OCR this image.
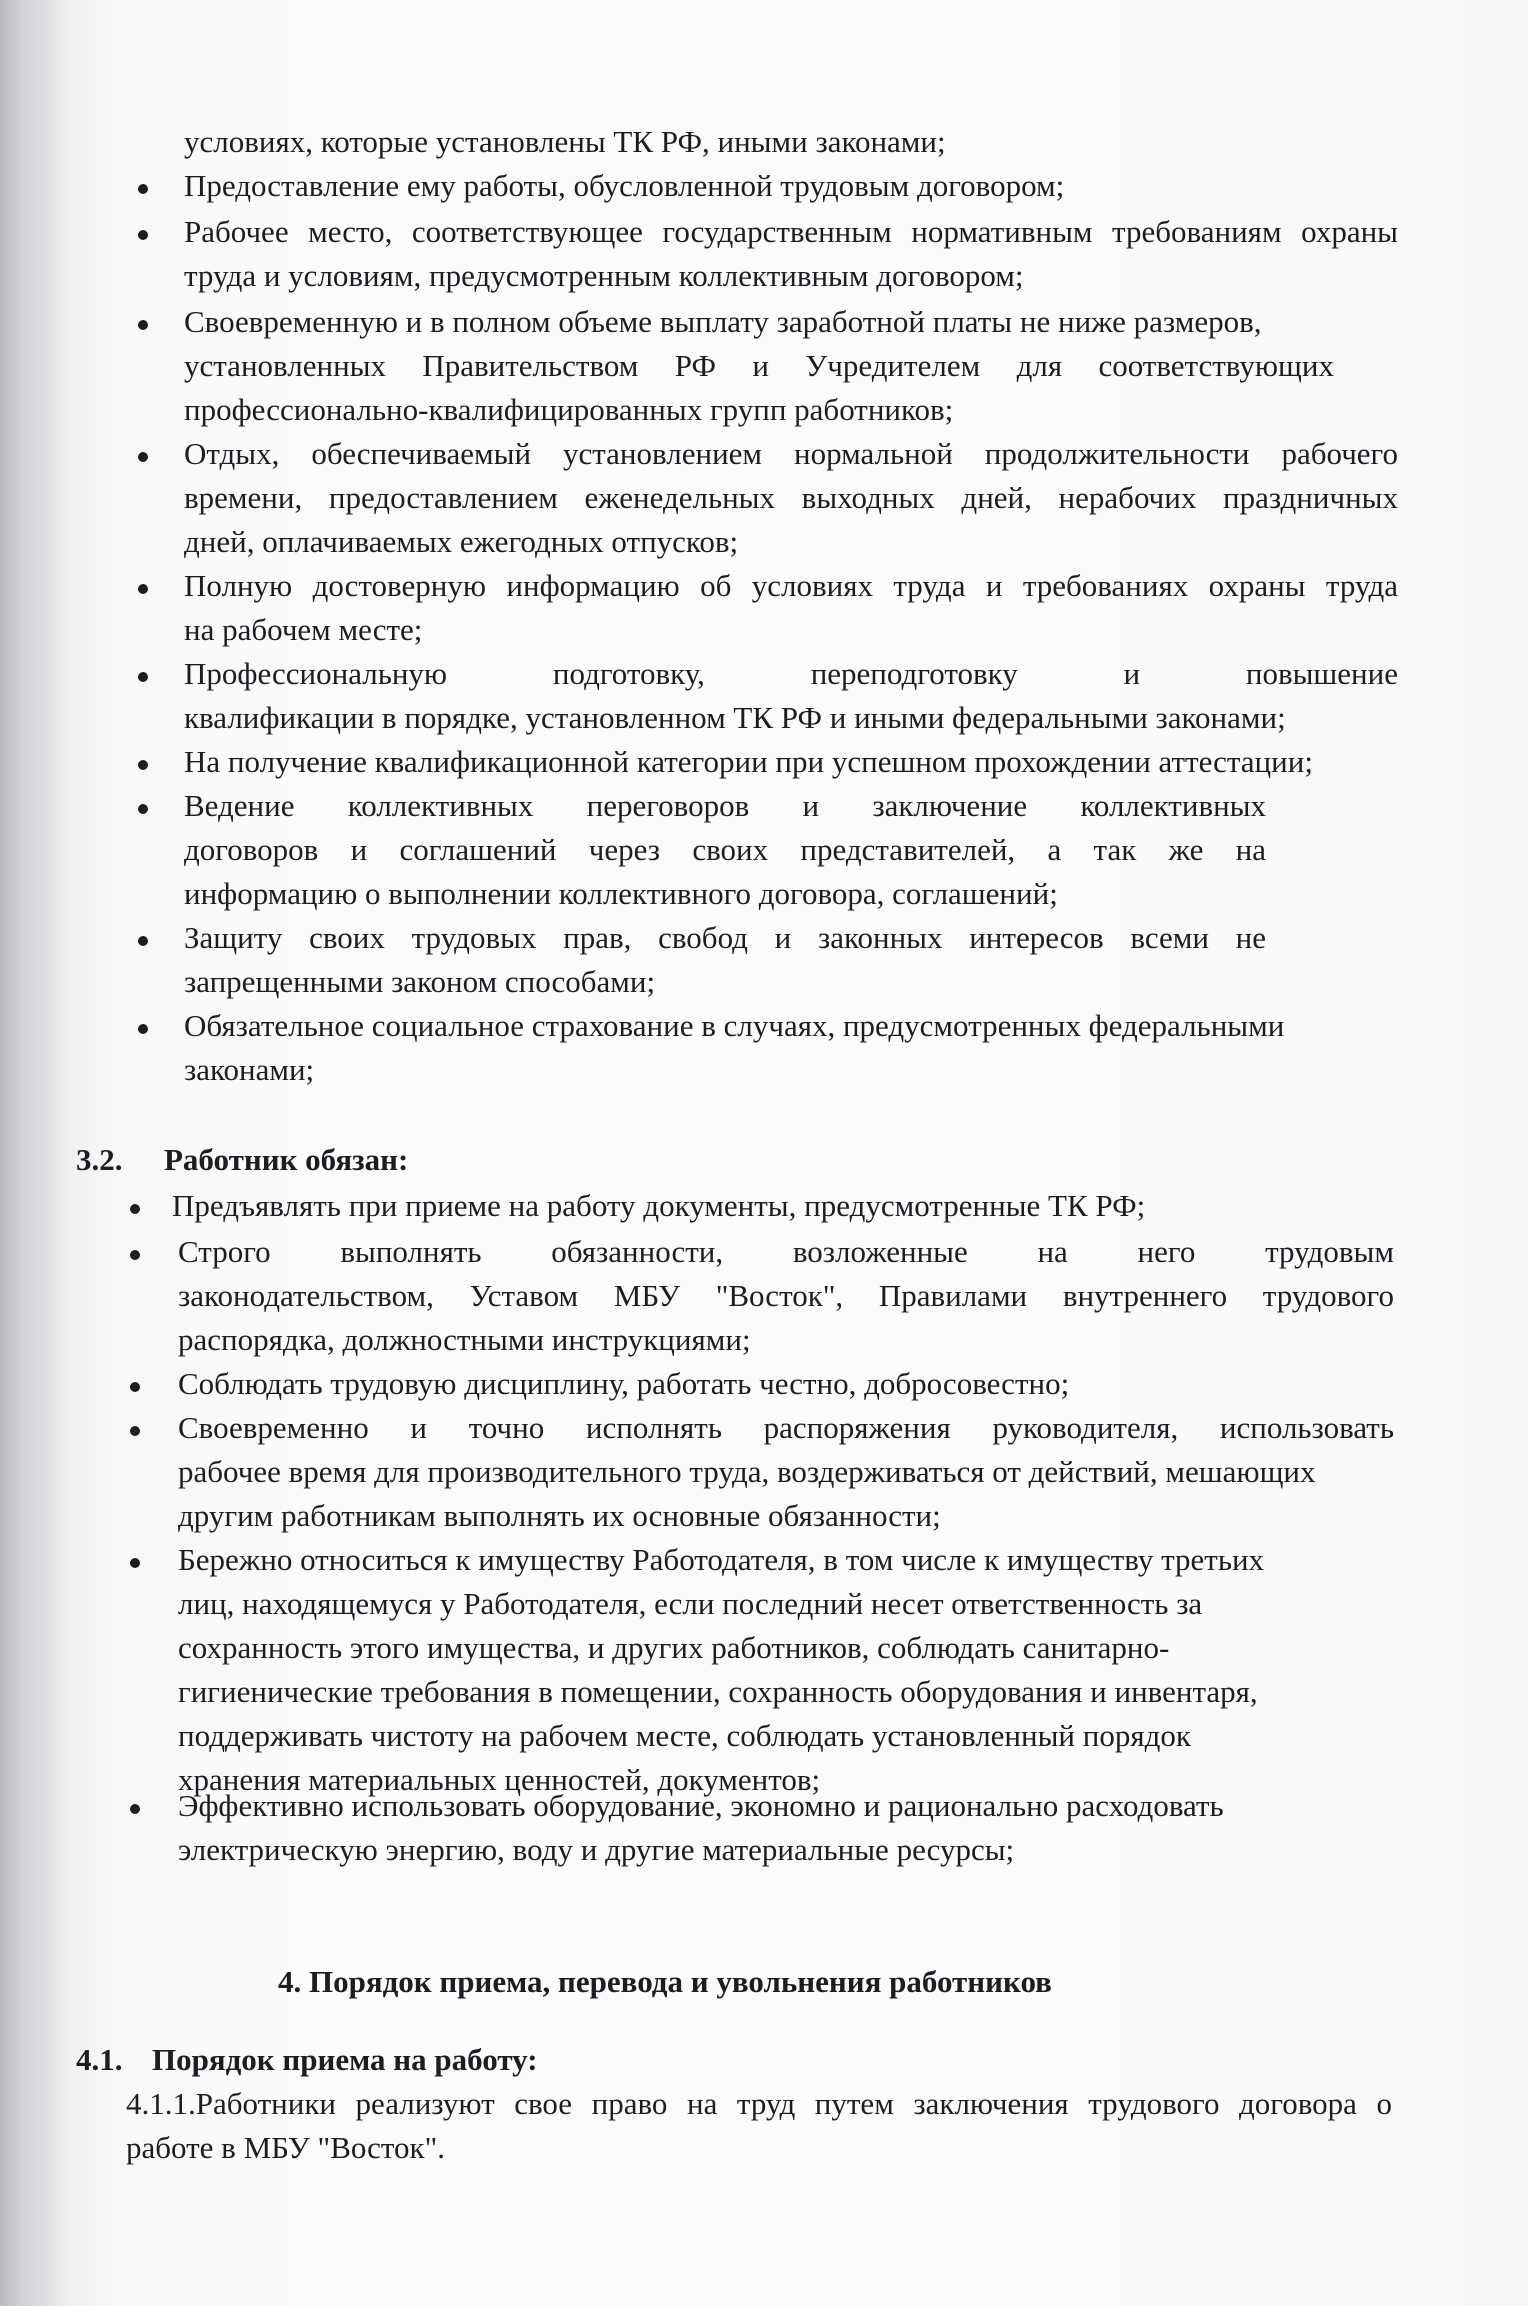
условиях, которые установлены ТК РФ, иными законами;
Предоставление ему работы, обусловленной трудовым договором;
Рабочее место, соответствующее государственным нормативным требованиям охраны
труда и условиям, предусмотренным коллективным договором;
Своевременную и в полном объеме выплату заработной платы не ниже размеров,
установленных Правительством РФ и Учредителем для соответствующих
профессионально-квалифицированных групп работников;
Отдых, обеспечиваемый установлением нормальной продолжительности рабочего
времени, предоставлением еженедельных выходных дней, нерабочих праздничных
дней, оплачиваемых ежегодных отпусков;
Полную достоверную информацию об условиях труда и требованиях охраны труда
на рабочем месте;
Профессиональную подготовку, переподготовку и повышение
квалификации в порядке, установленном ТК РФ и иными федеральными законами;
На получение квалификационной категории при успешном прохождении аттестации;
Ведение коллективных переговоров и заключение коллективных
договоров и соглашений через своих представителей, а так же на
информацию о выполнении коллективного договора, соглашений;
Защиту своих трудовых прав, свобод и законных интересов всеми не
запрещенными законом способами;
Обязательное социальное страхование в случаях, предусмотренных федеральными
законами;
3.2. Работник обязан:
Предъявлять при приеме на работу документы, предусмотренные ТК РФ;
Строго выполнять обязанности, возложенные на него трудовым
законодательством, Уставом МБУ "Восток", Правилами внутреннего трудового
распорядка, должностными инструкциями;
Соблюдать трудовую дисциплину, работать честно, добросовестно;
Своевременно и точно исполнять распоряжения руководителя, использовать
рабочее время для производительного труда, воздерживаться от действий, мешающих
другим работникам выполнять их основные обязанности;
Бережно относиться к имуществу Работодателя, в том числе к имуществу третьих
лиц, находящемуся у Работодателя, если последний несет ответственность за
сохранность этого имущества, и других работников, соблюдать санитарно-
гигиенические требования в помещении, сохранность оборудования и инвентаря,
поддерживать чистоту на рабочем месте, соблюдать установленный порядок
хранения материальных ценностей, документов;
Эффективно использовать оборудование, экономно и рационально расходовать
электрическую энергию, воду и другие материальные ресурсы;
4. Порядок приема, перевода и увольнения работников
4.1. Порядок приема на работу:
4.1.1.Работники реализуют свое право на труд путем заключения трудового договора о
работе в МБУ "Восток".
